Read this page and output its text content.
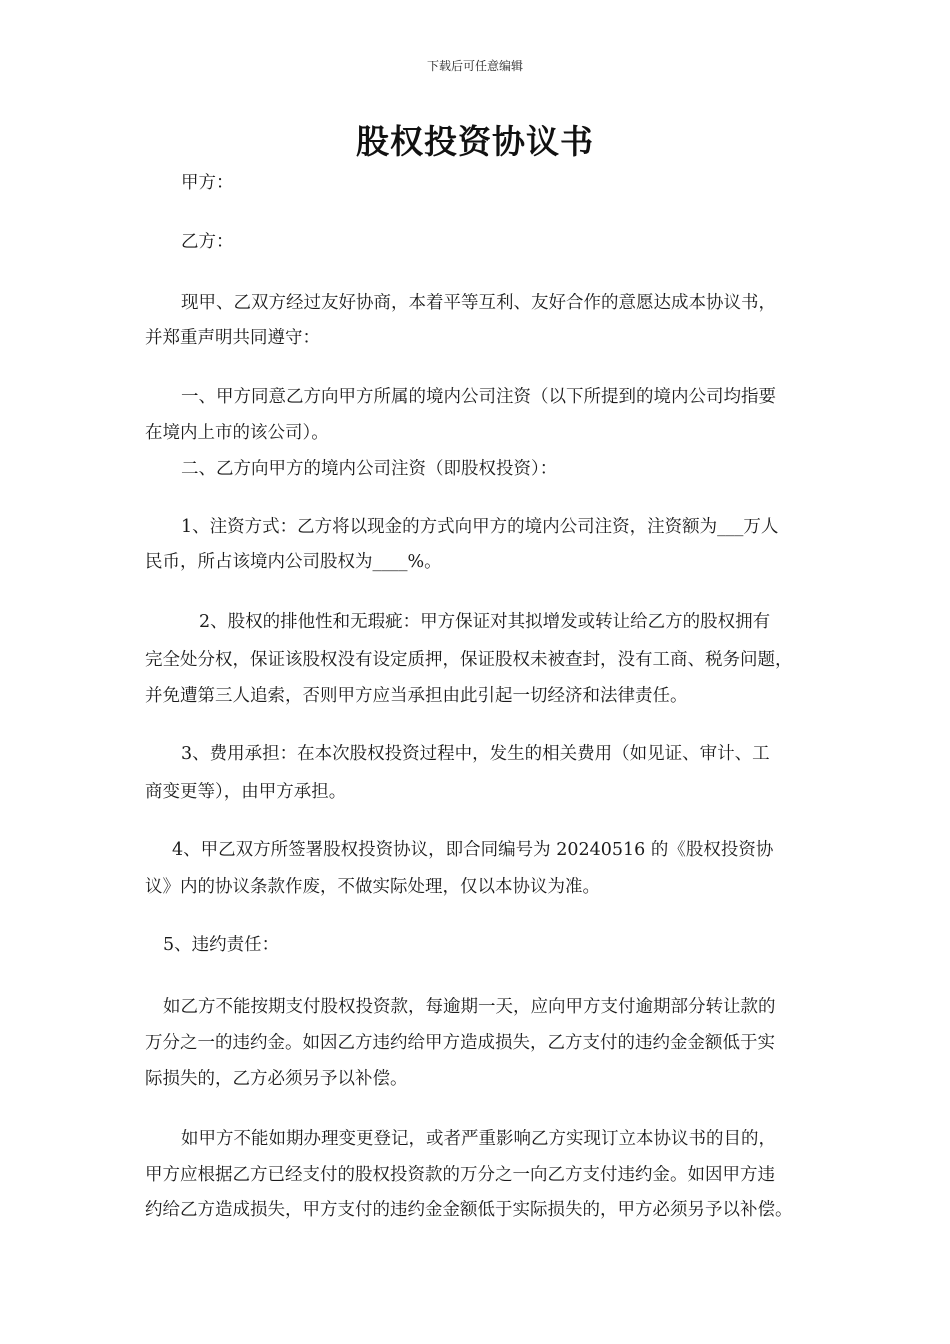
下载后可任意编辑
股权投资协议书
甲方：
乙方：
现甲、乙双方经过友好协商，本着平等互利、友好合作的意愿达成本协议书，
并郑重声明共同遵守：
一、甲方同意乙方向甲方所属的境内公司注资（以下所提到的境内公司均指要
在境内上市的该公司）。
二、乙方向甲方的境内公司注资（即股权投资）：
1、注资方式：乙方将以现金的方式向甲方的境内公司注资，注资额为___万人
民币，所占该境内公司股权为____%。
2、股权的排他性和无瑕疵：甲方保证对其拟增发或转让给乙方的股权拥有
完全处分权，保证该股权没有设定质押，保证股权未被查封，没有工商、税务问题，
并免遭第三人追索，否则甲方应当承担由此引起一切经济和法律责任。
3、费用承担：在本次股权投资过程中，发生的相关费用（如见证、审计、工
商变更等），由甲方承担。
4、甲乙双方所签署股权投资协议，即合同编号为 20240516 的《股权投资协
议》内的协议条款作废，不做实际处理，仅以本协议为准。
5、违约责任：
如乙方不能按期支付股权投资款，每逾期一天，应向甲方支付逾期部分转让款的
万分之一的违约金。如因乙方违约给甲方造成损失，乙方支付的违约金金额低于实
际损失的，乙方必须另予以补偿。
如甲方不能如期办理变更登记，或者严重影响乙方实现订立本协议书的目的，
甲方应根据乙方已经支付的股权投资款的万分之一向乙方支付违约金。如因甲方违
约给乙方造成损失，甲方支付的违约金金额低于实际损失的，甲方必须另予以补偿。
